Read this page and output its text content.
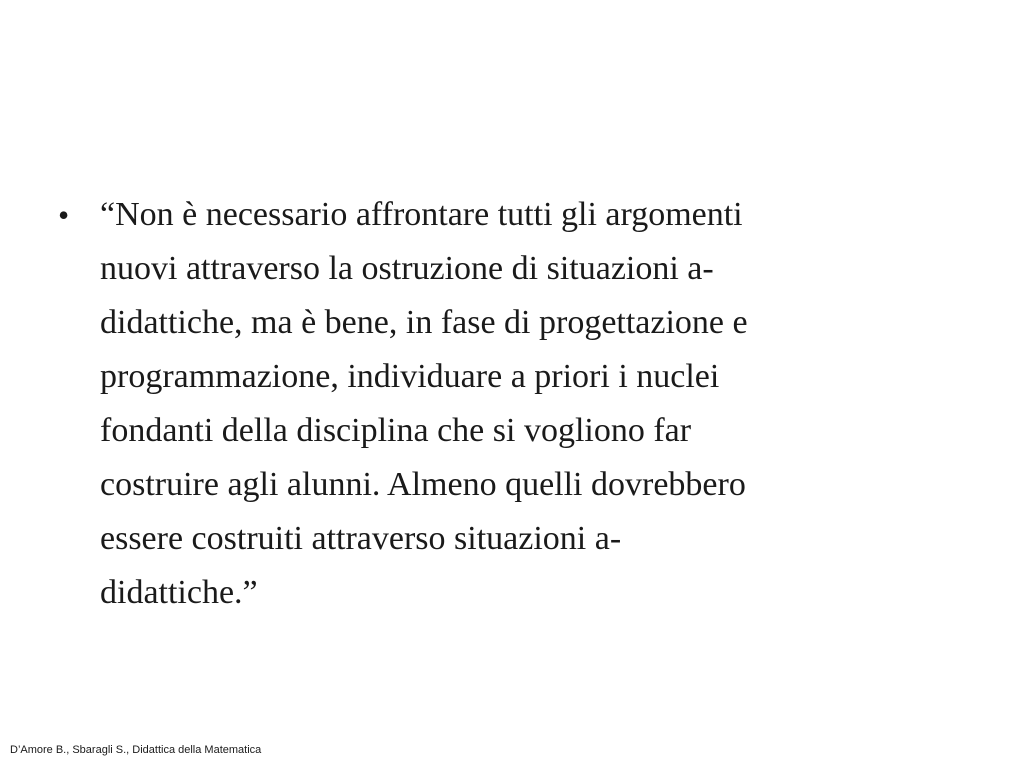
• “Non è necessario affrontare tutti gli argomenti
nuovi attraverso la ostruzione di situazioni a-
didattiche, ma è bene, in fase di progettazione e
programmazione, individuare a priori i nuclei
fondanti della disciplina che si vogliono far
costruire agli alunni. Almeno quelli dovrebbero
essere costruiti attraverso situazioni a-
didattiche.”

D’Amore B., Sbaragli S., Didattica della Matematica
